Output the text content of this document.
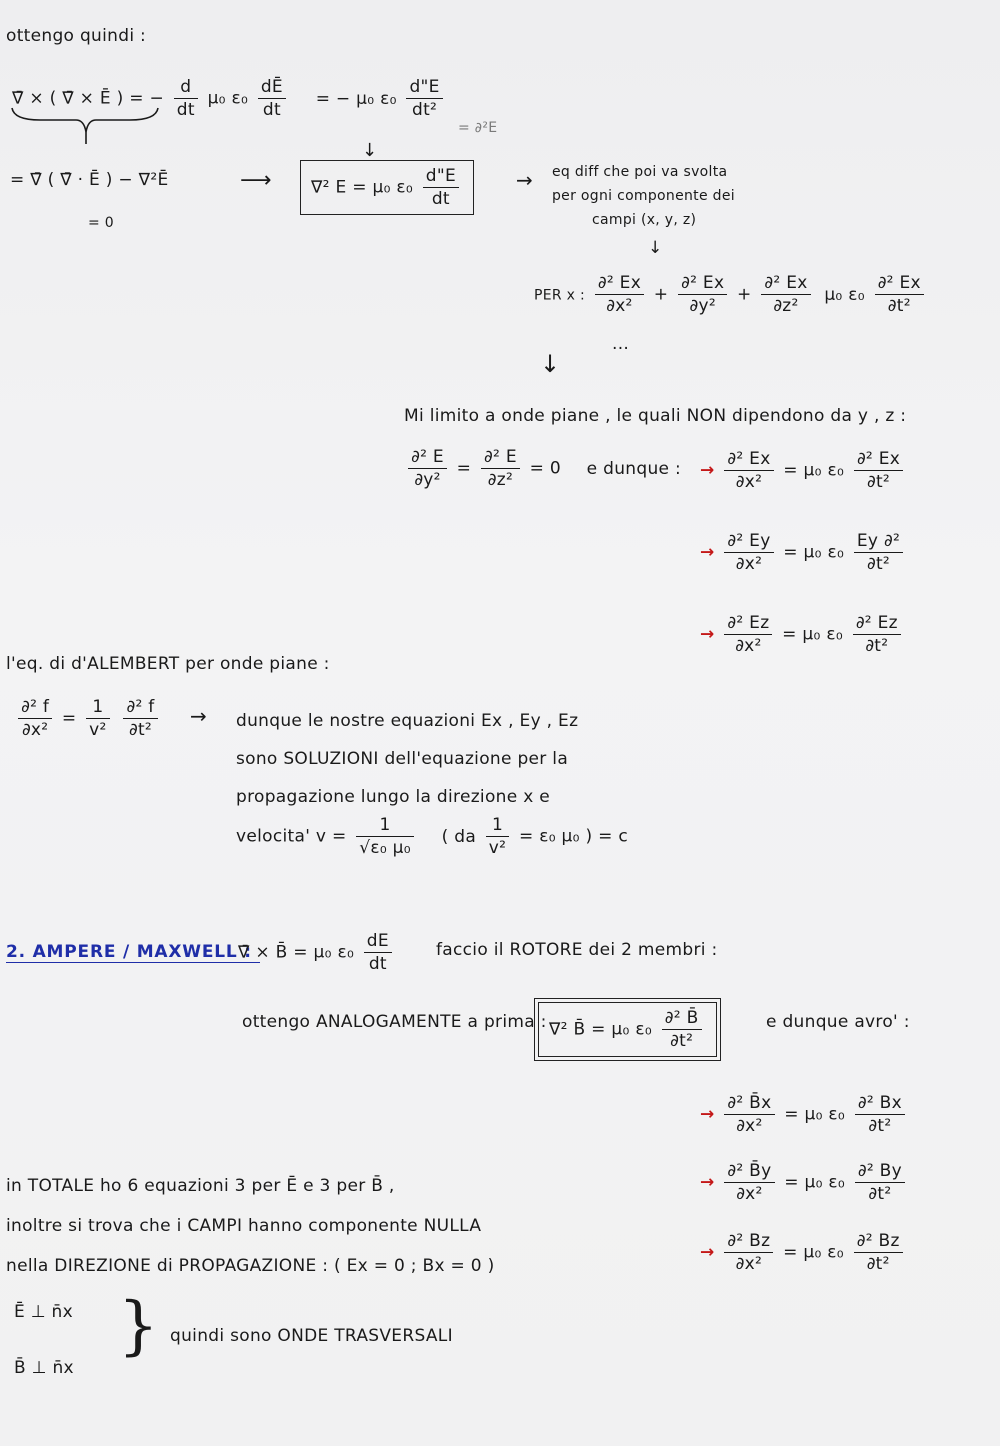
ottengo quindi :
∇̄ × ( ∇̄ × Ē ) = − $\frac{d}{dt} \mu_0$ $\varepsilon_0 \frac{dĒ}{dt}$ = − μ₀ $\varepsilon_0 \frac{d"E}{\text{dt²}}$
= ∂²E
↓
= ∇̄ ( ∇̄ · Ē ) − ∇²Ē
= 0
⟶	∇² E = μ₀ $\varepsilon_0 \frac{d"E}{dt}$	→ eq diff che poi va svolta
per ogni componente dei
campi (x, y, z)
↓
PER x : $\frac{\text{∂² Ex}}{\text{∂x²}} + \frac{\text{∂² Ex}}{\text{∂y²}} + \frac{\text{∂² Ex}}{\text{∂z²}} \mu_0$ $\varepsilon_0 \frac{\text{∂² Ex}}{\text{∂t²}}$
...
↓
Mi limito a onde piane , le quali NON dipendono da y , z :
$\frac{\text{∂² E}}{\text{∂y²}} = \frac{\text{∂² E}}{\text{∂z²}} = 0$ e dunque : → $\frac{\text{∂² Ex}}{\text{∂x²}} = \mu_0$ $\varepsilon_0 \frac{\text{∂² Ex}}{\text{∂t²}}$
→ $\frac{\text{∂² Ey}}{\text{∂x²}} = \mu_0$ $\varepsilon_0 \frac{\text{Ey ∂²}}{\text{∂t²}}$
→ $\frac{\text{∂² Ez}}{\text{∂x²}} = \mu_0$ $\varepsilon_0 \frac{\text{∂² Ez}}{\text{∂t²}}$
l'eq. di d'ALEMBERT per onde piane :
$\frac{\text{∂² f}}{\text{∂x²}} = \frac{1}{\text{v²}}$
$\frac{\text{∂² f}}{\text{∂t²}}$ → dunque le nostre equazioni Ex , Ey , Ez
sono SOLUZIONI dell'equazione per la
propagazione lungo la direzione x e
velocita' $v = \frac{1}{\text{√ε₀ μ₀}}$ ( da $\frac{1}{\text{v²}} = \varepsilon_0$ μ₀ ) = c
2. AMPERE / MAXWELL :
∇̄ × B̄ = μ₀ $\varepsilon_0 \frac{dE}{dt}$	faccio il ROTORE dei 2 membri :
ottengo ANALOGAMENTE a prima : ∇² B̄ = μ₀ $\varepsilon_0 \frac{\text{∂² B̄}}{\text{∂t²}}$	e dunque avro' :
→ $\frac{\text{∂² B̄x}}{\text{∂x²}} = \mu_0$ $\varepsilon_0 \frac{\text{∂² Bx}}{\text{∂t²}}$
→ $\frac{\text{∂² B̄y}}{\text{∂x²}} = \mu_0$ $\varepsilon_0 \frac{\text{∂² By}}{\text{∂t²}}$
→ $\frac{\text{∂² Bz}}{\text{∂x²}} = \mu_0$ $\varepsilon_0 \frac{\text{∂² Bz}}{\text{∂t²}}$
in TOTALE ho 6 equazioni 3 per Ē e 3 per B̄ ,
inoltre si trova che i CAMPI hanno componente NULLA
nella DIREZIONE di PROPAGAZIONE : ( Ex = 0 ; Bx = 0 )
Ē ⊥ n̄x
B̄ ⊥ n̄x
} quindi sono ONDE TRASVERSALI
